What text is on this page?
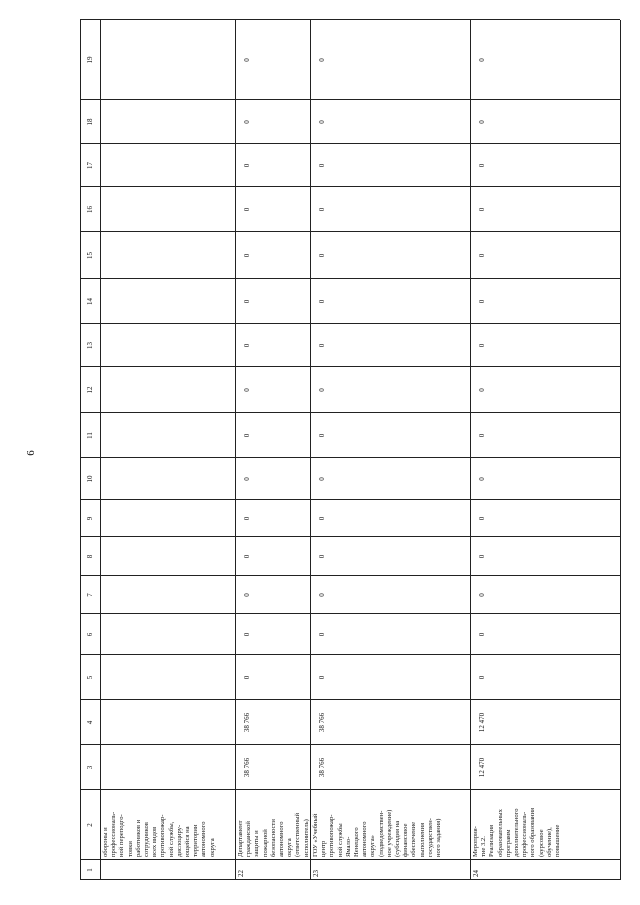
6
1
2
3
4
5
6
7
8
9
10
11
12
13
14
15
16
17
18
19
обороны и
профессиональ-
ной переподго-
товки
работников и
сотрудников
всех видов
противопожар-
ной службы,
дислоциру-
ющейся на
территории
автономного
округа
22
Департамент
гражданской
защиты и
пожарной
безопасности
автономного
округа
(ответственный
исполнитель)
38 766
38 766
0
0
0
0
0
0
0
0
0
0
0
0
0
0
0
23
ГОУ «Учебный
центр
противопожар-
ной службы
Ямало-
Ненецкого
автономного
округа»
(подведомствен-
ное учреждение)
(субсидия на
финансовое
обеспечение
выполнения
государствен-
ного задания)
38 766
38 766
0
0
0
0
0
0
0
0
0
0
0
0
0
0
0
24
Мероприя-
тие 3.2.
Реализация
образовательных
программ
дополнительного
профессиональ-
ного образования
(курсовое
обучение),
повышение
12 470
12 470
0
0
0
0
0
0
0
0
0
0
0
0
0
0
0
